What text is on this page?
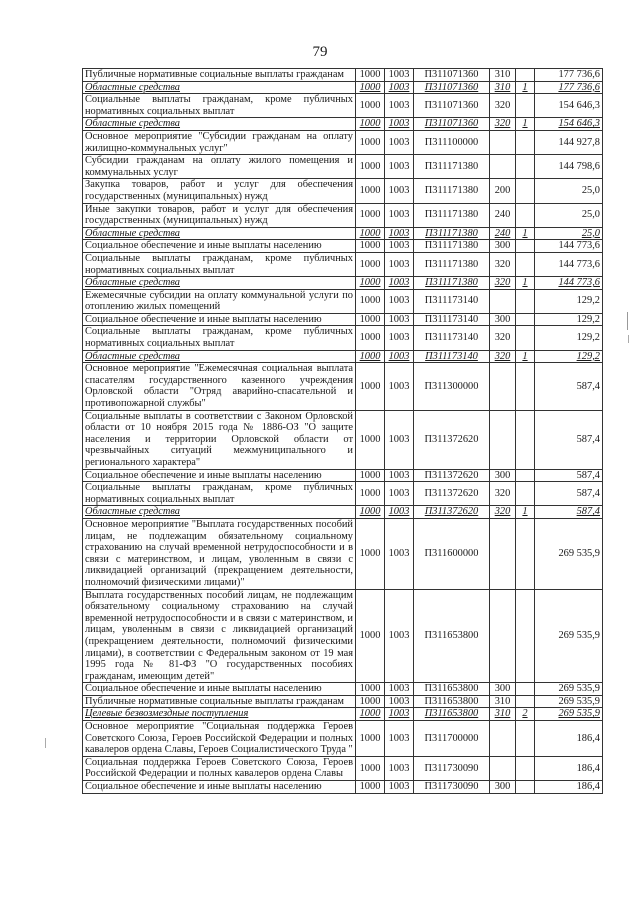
79
Публичные нормативные социальные выплаты гражданам	1000	1003	П311071360	310		177 736,6
Областные средства	1000	1003	П311071360	310	1	177 736,6
Социальные выплаты гражданам, кроме публичных нормативных социальных выплат	1000	1003	П311071360	320		154 646,3
Областные средства	1000	1003	П311071360	320	1	154 646,3
Основное мероприятие "Субсидии гражданам на оплату жилищно-коммунальных услуг"	1000	1003	П311100000			144 927,8
Субсидии гражданам на оплату жилого помещения и коммунальных услуг	1000	1003	П311171380			144 798,6
Закупка товаров, работ и услуг для обеспечения государственных (муниципальных) нужд	1000	1003	П311171380	200		25,0
Иные закупки товаров, работ и услуг для обеспечения государственных (муниципальных) нужд	1000	1003	П311171380	240		25,0
Областные средства	1000	1003	П311171380	240	1	25,0
Социальное обеспечение и иные выплаты населению	1000	1003	П311171380	300		144 773,6
Социальные выплаты гражданам, кроме публичных нормативных социальных выплат	1000	1003	П311171380	320		144 773,6
Областные средства	1000	1003	П311171380	320	1	144 773,6
Ежемесячные субсидии на оплату коммунальной услуги по отоплению жилых помещений	1000	1003	П311173140			129,2
Социальное обеспечение и иные выплаты населению	1000	1003	П311173140	300		129,2
Социальные выплаты гражданам, кроме публичных нормативных социальных выплат	1000	1003	П311173140	320		129,2
Областные средства	1000	1003	П311173140	320	1	129,2
Основное мероприятие "Ежемесячная социальная выплата спасателям государственного казенного учреждения Орловской области "Отряд аварийно-спасательной и противопожарной службы"	1000	1003	П311300000			587,4
Социальные выплаты в соответствии с Законом Орловской области от 10 ноября 2015 года № 1886-ОЗ "О защите населения и территории Орловской области от чрезвычайных ситуаций межмуниципального и регионального характера"	1000	1003	П311372620			587,4
Социальное обеспечение и иные выплаты населению	1000	1003	П311372620	300		587,4
Социальные выплаты гражданам, кроме публичных нормативных социальных выплат	1000	1003	П311372620	320		587,4
Областные средства	1000	1003	П311372620	320	1	587,4
Основное мероприятие "Выплата государственных пособий лицам, не подлежащим обязательному социальному страхованию на случай временной нетрудоспособности и в связи с материнством, и лицам, уволенным в связи с ликвидацией организаций (прекращением деятельности, полномочий физическими лицами)"	1000	1003	П311600000			269 535,9
Выплата государственных пособий лицам, не подлежащим обязательному социальному страхованию на случай временной нетрудоспособности и в связи с материнством, и лицам, уволенным в связи с ликвидацией организаций (прекращением деятельности, полномочий физическими лицами), в соответствии с Федеральным законом от 19 мая 1995 года № 81-ФЗ "О государственных пособиях гражданам, имеющим детей"	1000	1003	П311653800			269 535,9
Социальное обеспечение и иные выплаты населению	1000	1003	П311653800	300		269 535,9
Публичные нормативные социальные выплаты гражданам	1000	1003	П311653800	310		269 535,9
Целевые безвозмездные поступления	1000	1003	П311653800	310	2	269 535,9
Основное мероприятие "Социальная поддержка Героев Советского Союза, Героев Российской Федерации и полных кавалеров ордена Славы, Героев Социалистического Труда "	1000	1003	П311700000			186,4
Социальная поддержка Героев Советского Союза, Героев Российской Федерации и полных кавалеров ордена Славы	1000	1003	П311730090			186,4
Социальное обеспечение и иные выплаты населению	1000	1003	П311730090	300		186,4
